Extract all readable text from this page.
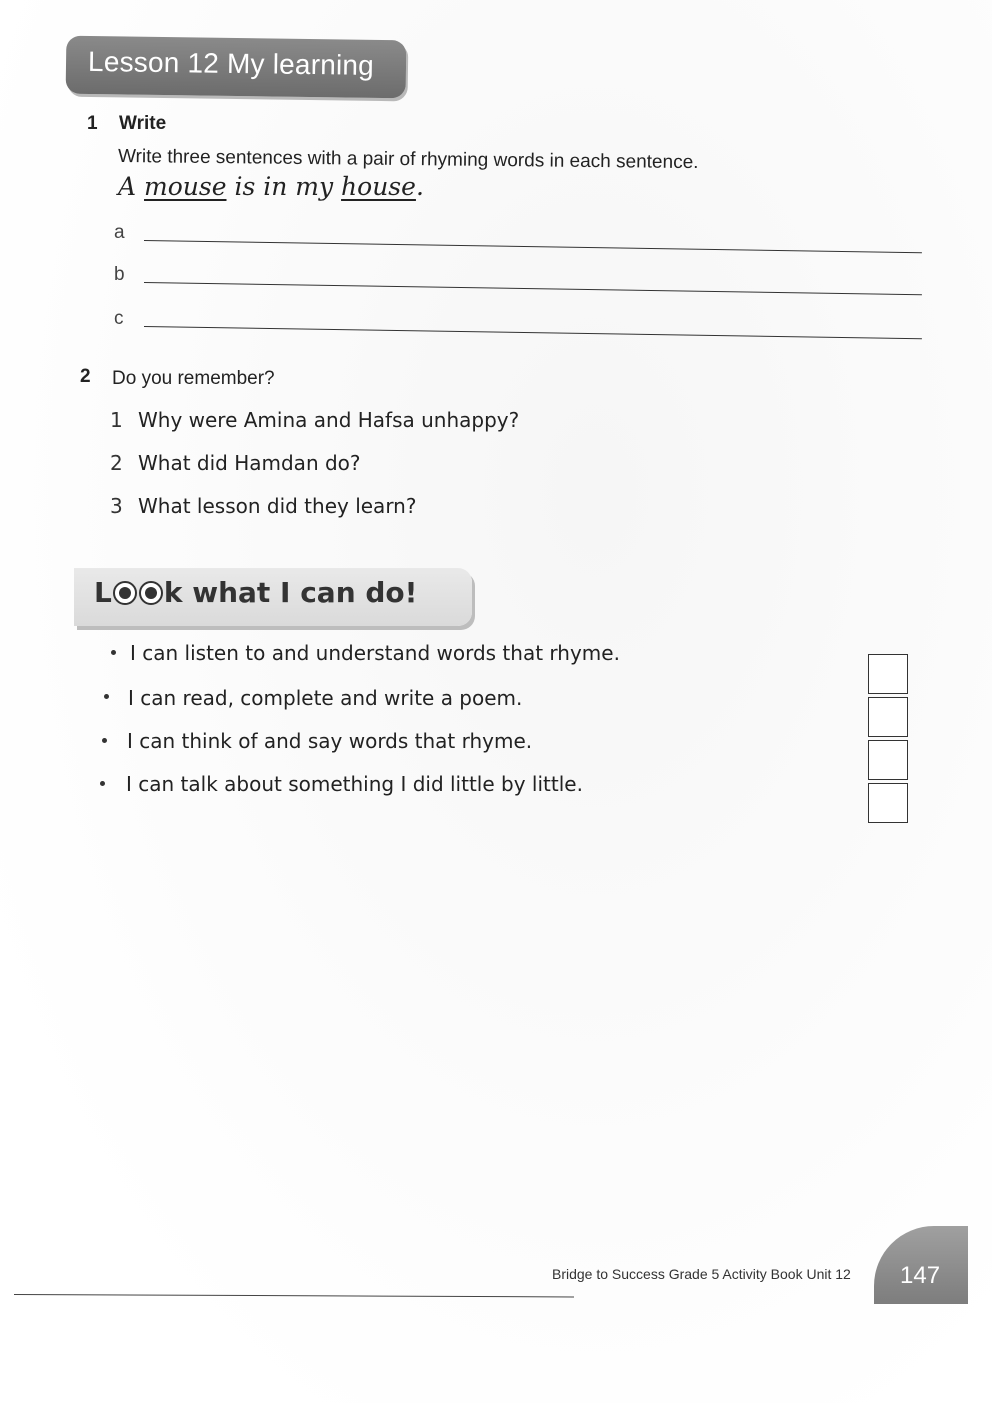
Lesson 12 My learning
1 Write
Write three sentences with a pair of rhyming words in each sentence.
A mouse is in my house.
a
b
c
2 Do you remember?
1 Why were Amina and Hafsa unhappy?
2 What did Hamdan do?
3 What lesson did they learn?
L k what I can do!
I can listen to and understand words that rhyme.
I can read, complete and write a poem.
I can think of and say words that rhyme.
I can talk about something I did little by little.
Bridge to Success Grade 5 Activity Book Unit 12 147
